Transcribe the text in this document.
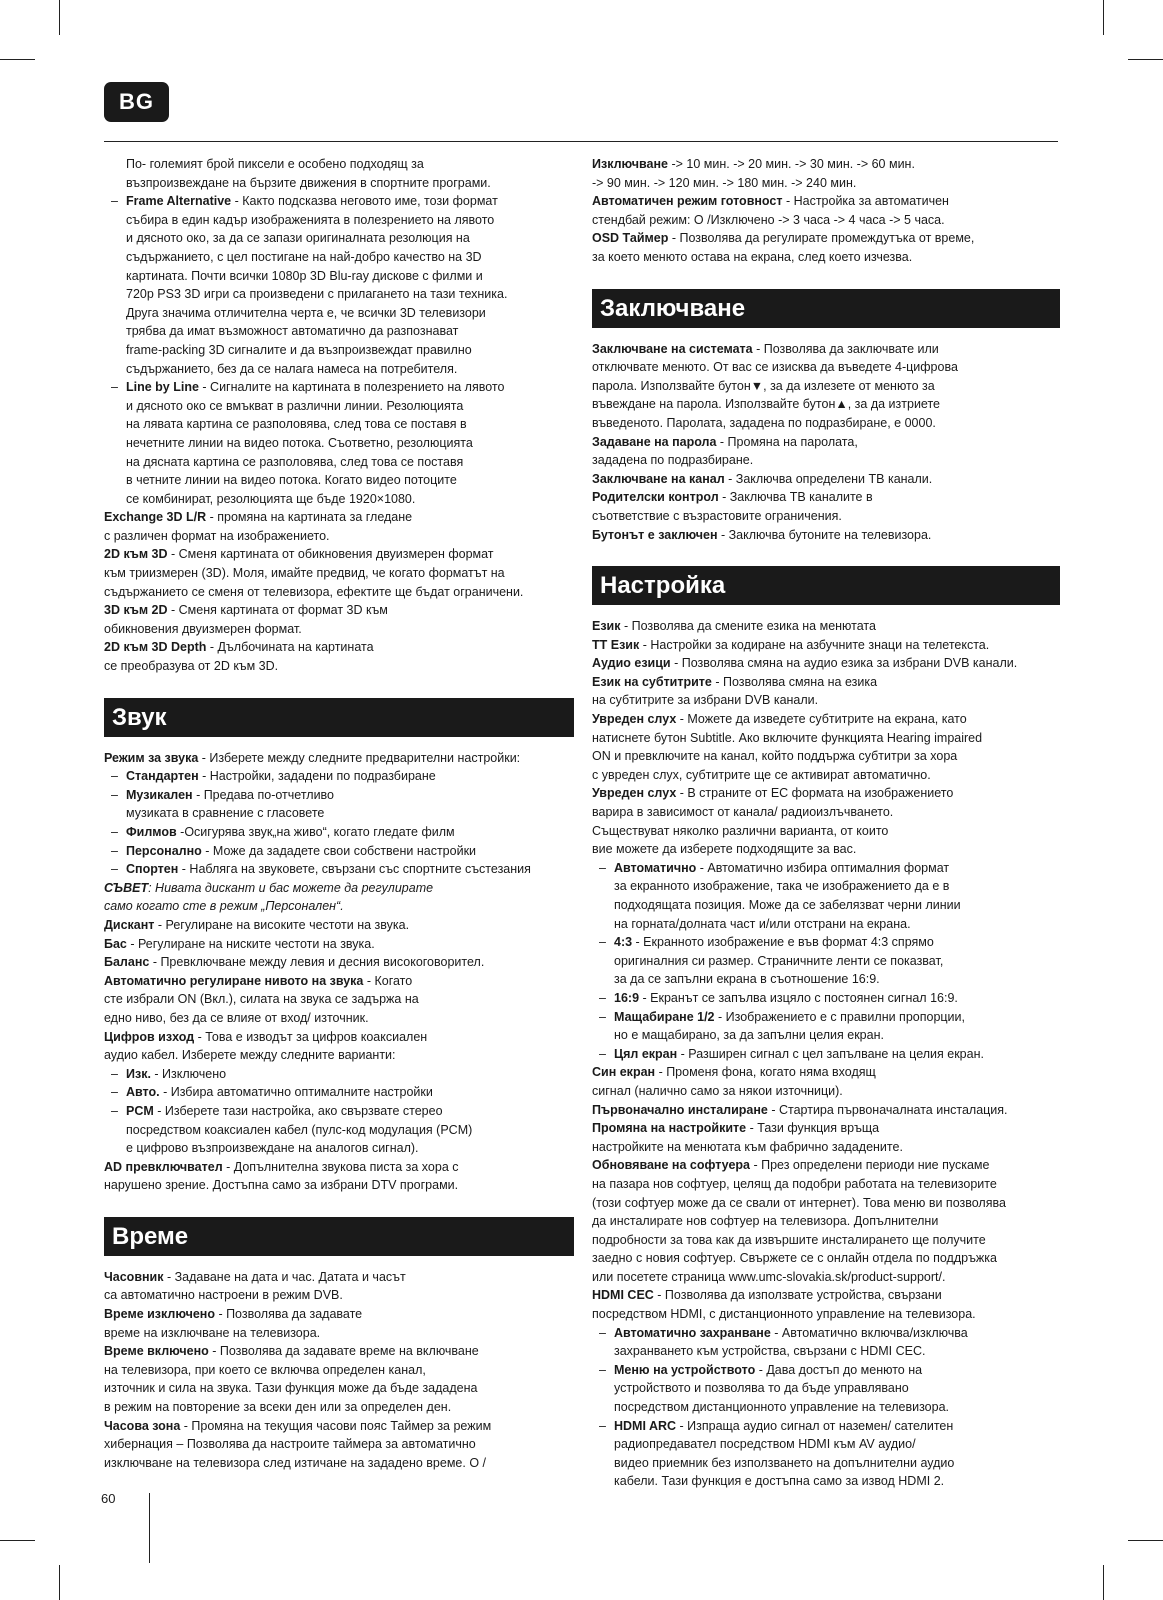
BG
По- големият брой пиксели е особено подходящ за
възпроизвеждане на бързите движения в спортните програми.
– Frame Alternative - Както подсказва неговото име, този формат
събира в един кадър изображенията в полезрението на лявото
и дясното око, за да се запази оригиналната резолюция на
съдържанието, с цел постигане на най-добро качество на 3D
картината. Почти всички 1080p 3D Blu-ray дискове с филми и
720p PS3 3D игри са произведени с прилагането на тази техника.
Друга значима отличителна черта е, че всички 3D телевизори
трябва да имат възможност автоматично да разпознават
frame-packing 3D сигналите и да възпроизвеждат правилно
съдържанието, без да се налага намеса на потребителя.
– Line by Line - Сигналите на картината в полезрението на лявото
и дясното око се вмъкват в различни линии. Резолюцията
на лявата картина се разполовява, след това се поставя в
нечетните линии на видео потока. Съответно, резолюцията
на дясната картина се разполовява, след това се поставя
в четните линии на видео потока. Когато видео потоците
се комбинират, резолюцията ще бъде 1920×1080.
Exchange 3D L/R - промяна на картината за гледане
с различен формат на изображението.
2D към 3D - Сменя картината от обикновения двуизмерен формат
към триизмерен (3D). Моля, имайте предвид, че когато форматът на
съдържанието се сменя от телевизора, ефектите ще бъдат ограничени.
3D към 2D - Сменя картината от формат 3D към
обикновения двуизмерен формат.
2D към 3D Depth - Дълбочината на картината
се преобразува от 2D към 3D.
Звук
Режим за звука - Изберете между следните предварителни настройки:
– Стандартен - Настройки, зададени по подразбиране
– Музикален - Предава по-отчетливо
музиката в сравнение с гласовете
– Филмов -Осигурява звук„на живо“, когато гледате филм
– Персонално - Може да зададете свои собствени настройки
– Спортен - Наблягa на звуковете, свързани със спортните състезания
СЪВЕТ: Нивата дискант и бас можете да регулирате
само когато сте в режим „Персонален“.
Дискант - Регулиране на високите честоти на звука.
Бас - Регулиране на ниските честоти на звука.
Баланс - Превключване между левия и десния високоговорител.
Автоматично регулиране нивото на звука - Когато
сте избрали ON (Вкл.), силата на звука се задържа на
едно ниво, без да се влияе от вход/ източник.
Цифров изход - Това е изводът за цифров коаксиален
аудио кабел. Изберете между следните варианти:
– Изк. - Изключено
– Авто. - Избира автоматично оптималните настройки
– PCM - Изберете тази настройка, ако свързвате стерео
посредством коаксиален кабел (пулс-код модулация (PCM)
е цифрово възпроизвеждане на аналогов сигнал).
AD превключвател - Допълнителна звукова писта за хора с
нарушено зрение. Достъпна само за избрани DTV програми.
Време
Часовник - Задаване на дата и час. Датата и часът
са автоматично настроени в режим DVB.
Време изключено - Позволява да задавате
време на изключване на телевизора.
Време включено - Позволява да задавате време на включване
на телевизора, при което се включва определен канал,
източник и сила на звука. Тази функция може да бъде зададена
в режим на повторение за всеки ден или за определен ден.
Часова зона - Промяна на текущия часови пояс Таймер за режим
хибернация – Позволява да настроите таймера за автоматично
изключване на телевизора след изтичане на зададено време. О /
Изключване -> 10 мин. -> 20 мин. -> 30 мин. -> 60 мин.
-> 90 мин. -> 120 мин. -> 180 мин. -> 240 мин.
Автоматичен режим готовност - Настройка за автоматичен
стендбай режим: О /Изключено -> 3 часа -> 4 часа -> 5 часа.
OSD Таймер - Позволява да регулирате промеждутъка от време,
за което менюто остава на екрана, след което изчезва.
Заключване
Заключване на системата - Позволява да заключвате или
отключвате менюто. От вас се изисква да въведете 4-цифрова
парола. Използвайте бутон▼, за да излезете от менюто за
въвеждане на парола. Използвайте бутон▲, за да изтриете
въведеното. Паролата, зададена по подразбиране, е 0000.
Задаване на парола - Промяна на паролата,
зададена по подразбиране.
Заключване на канал - Заключва определени ТВ канали.
Родителски контрол - Заключва ТВ каналите в
съответствие с възрастовите ограничения.
Бутонът е заключен - Заключва бутоните на телевизора.
Настройка
Език - Позволява да смените езика на менютата
TT Език - Настройки за кодиране на азбучните знаци на телетекста.
Аудио езици - Позволява смяна на аудио езика за избрани DVB канали.
Език на субтитрите - Позволява смяна на езика
на субтитрите за избрани DVB канали.
Увреден слух - Можете да изведете субтитрите на екрана, като
натиснете бутон Subtitle. Ако включите функцията Hearing impaired
ON и превключите на канал, който поддържа субтитри за хора
с увреден слух, субтитрите ще се активират автоматично.
Увреден слух - В страните от ЕС формата на изображението
варира в зависимост от канала/ радиоизлъчването.
Съществуват няколко различни варианта, от които
вие можете да изберете подходящите за вас.
– Автоматично - Автоматично избира оптималния формат
за екранното изображение, така че изображението да е в
подходящата позиция. Може да се забелязват черни линии
на горната/долната част и/или отстрани на екрана.
– 4:3 - Екранното изображение е във формат 4:3 спрямо
оригиналния си размер. Страничните ленти се показват,
за да се запълни екрана в съотношение 16:9.
– 16:9 - Екранът се запълва изцяло с постоянен сигнал 16:9.
– Мащабиране 1/2 - Изображението е с правилни пропорции,
но е мащабирано, за да запълни целия екран.
– Цял екран - Разширен сигнал с цел запълване на целия екран.
Син екран - Променя фона, когато няма входящ
сигнал (налично само за някои източници).
Първоначално инсталиране - Стартира първоначалната инсталация.
Промяна на настройките - Тази функция връща
настройките на менютата към фабрично зададените.
Обновяване на софтуера - През определени периоди ние пускаме
на пазара нов софтуер, целящ да подобри работата на телевизорите
(този софтуер може да се свали от интернет). Това меню ви позволява
да инсталирате нов софтуер на телевизора. Допълнителни
подробности за това как да извършите инсталирането ще получите
заедно с новия софтуер. Свържете се с онлайн отдела по поддръжка
или посетете страница www.umc-slovakia.sk/product-support/.
HDMI CEC - Позволява да използвате устройства, свързани
посредством HDMI, с дистанционното управление на телевизора.
– Автоматично захранване - Автоматично включва/изключва
захранването към устройства, свързани с HDMI CEC.
– Меню на устройството - Дава достъп до менюто на
устройството и позволява то да бъде управлявано
посредством дистанционното управление на телевизора.
– HDMI ARC - Изпраща аудио сигнал от наземен/ сателитен
радиопредавател посредством HDMI към AV аудио/
видео приемник без използването на допълнителни аудио
кабели. Тази функция е достъпна само за извод HDMI 2.
60
